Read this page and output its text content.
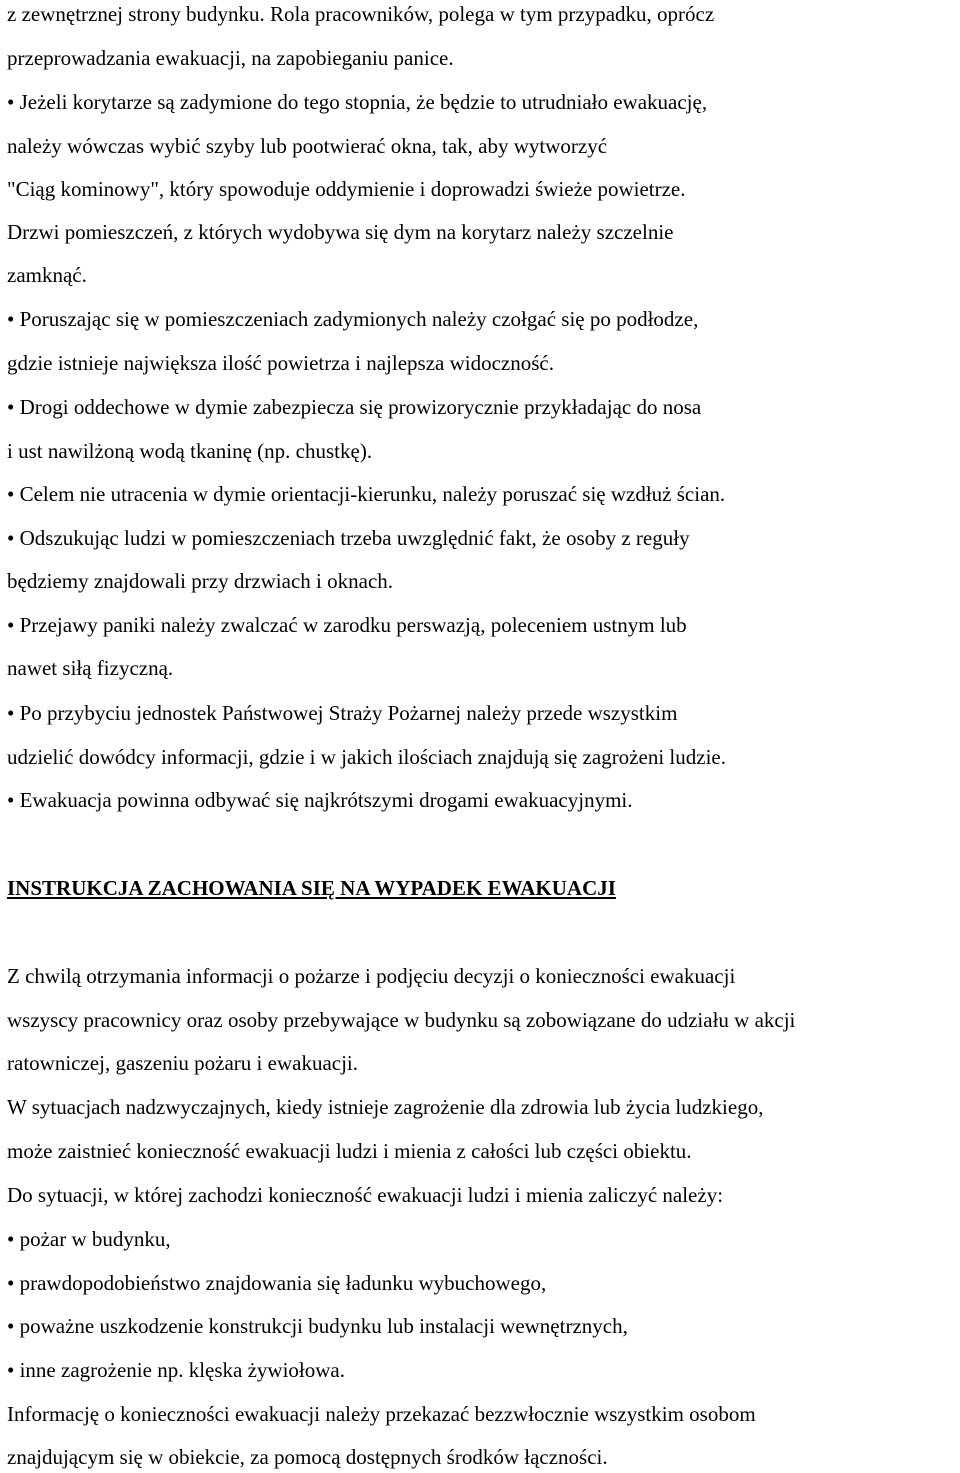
z zewnętrznej strony budynku. Rola pracowników, polega w tym przypadku, oprócz

przeprowadzania ewakuacji, na zapobieganiu panice.

• Jeżeli korytarze są zadymione do tego stopnia, że będzie to utrudniało ewakuację,

należy wówczas wybić szyby lub pootwierać okna, tak, aby wytworzyć

"Ciąg kominowy", który spowoduje oddymienie i doprowadzi świeże powietrze.

Drzwi pomieszczeń, z których wydobywa się dym na korytarz należy szczelnie

zamknąć.

• Poruszając się w pomieszczeniach zadymionych należy czołgać się po podłodze,

gdzie istnieje największa ilość powietrza i najlepsza widoczność.

• Drogi oddechowe w dymie zabezpiecza się prowizorycznie przykładając do nosa

i ust nawilżoną wodą tkaninę (np. chustkę).

• Celem nie utracenia w dymie orientacji-kierunku, należy poruszać się wzdłuż ścian.

• Odszukując ludzi w pomieszczeniach trzeba uwzględnić fakt, że osoby z reguły

będziemy znajdowali przy drzwiach i oknach.

• Przejawy paniki należy zwalczać w zarodku perswazją, poleceniem ustnym lub

nawet siłą fizyczną.

• Po przybyciu jednostek Państwowej Straży Pożarnej należy przede wszystkim

udzielić dowódcy informacji, gdzie i w jakich ilościach znajdują się zagrożeni ludzie.

• Ewakuacja powinna odbywać się najkrótszymi drogami ewakuacyjnymi.

INSTRUKCJA ZACHOWANIA SIĘ NA WYPADEK EWAKUACJI

Z chwilą otrzymania informacji o pożarze i podjęciu decyzji o konieczności ewakuacji

wszyscy pracownicy oraz osoby przebywające w budynku są zobowiązane do udziału w akcji

ratowniczej, gaszeniu pożaru i ewakuacji.

W sytuacjach nadzwyczajnych, kiedy istnieje zagrożenie dla zdrowia lub życia ludzkiego,

może zaistnieć konieczność ewakuacji ludzi i mienia z całości lub części obiektu.

Do sytuacji, w której zachodzi konieczność ewakuacji ludzi i mienia zaliczyć należy:

• pożar w budynku,

• prawdopodobieństwo znajdowania się ładunku wybuchowego,

• poważne uszkodzenie konstrukcji budynku lub instalacji wewnętrznych,

• inne zagrożenie np. klęska żywiołowa.

Informację o konieczności ewakuacji należy przekazać bezzwłocznie wszystkim osobom

znajdującym się w obiekcie, za pomocą dostępnych środków łączności.
